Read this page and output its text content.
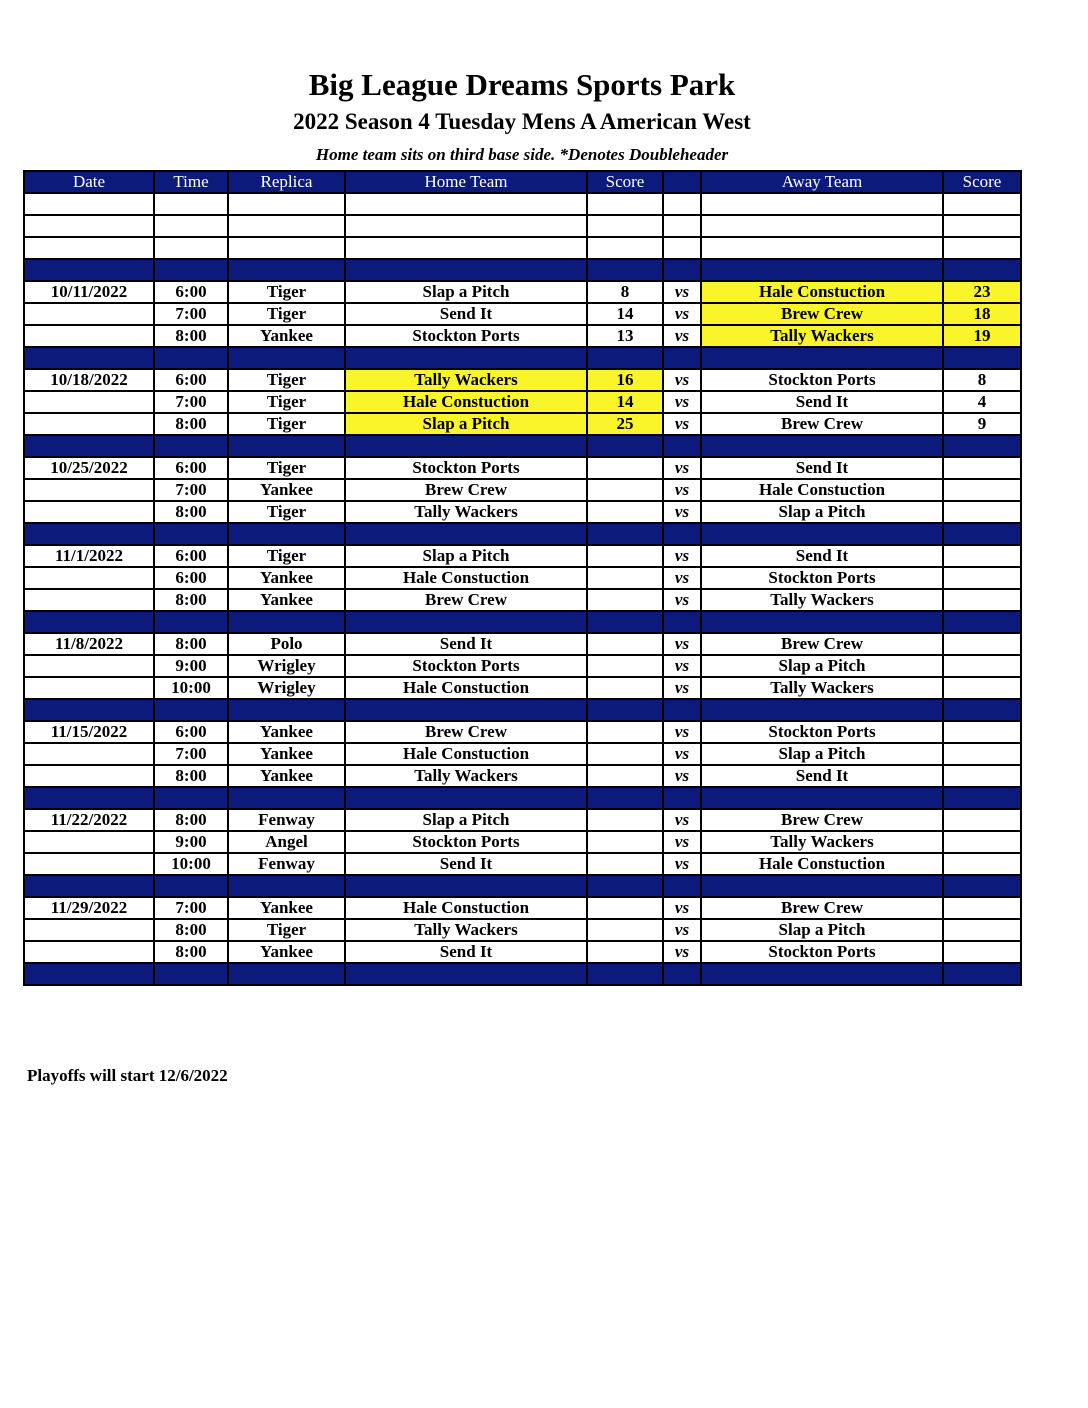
Big League Dreams Sports Park
2022 Season 4 Tuesday Mens A American West
Home team sits on third base side. *Denotes Doubleheader
Date	Time	Replica	Home Team	Score		Away Team	Score

10/11/2022	6:00	Tiger	Slap a Pitch	8	vs	Hale Constuction	23
	7:00	Tiger	Send It	14	vs	Brew Crew	18
	8:00	Yankee	Stockton Ports	13	vs	Tally Wackers	19

10/18/2022	6:00	Tiger	Tally Wackers	16	vs	Stockton Ports	8
	7:00	Tiger	Hale Constuction	14	vs	Send It	4
	8:00	Tiger	Slap a Pitch	25	vs	Brew Crew	9

10/25/2022	6:00	Tiger	Stockton Ports		vs	Send It	
	7:00	Yankee	Brew Crew		vs	Hale Constuction	
	8:00	Tiger	Tally Wackers		vs	Slap a Pitch	

11/1/2022	6:00	Tiger	Slap a Pitch		vs	Send It	
	6:00	Yankee	Hale Constuction		vs	Stockton Ports	
	8:00	Yankee	Brew Crew		vs	Tally Wackers	

11/8/2022	8:00	Polo	Send It		vs	Brew Crew	
	9:00	Wrigley	Stockton Ports		vs	Slap a Pitch	
	10:00	Wrigley	Hale Constuction		vs	Tally Wackers	

11/15/2022	6:00	Yankee	Brew Crew		vs	Stockton Ports	
	7:00	Yankee	Hale Constuction		vs	Slap a Pitch	
	8:00	Yankee	Tally Wackers		vs	Send It	

11/22/2022	8:00	Fenway	Slap a Pitch		vs	Brew Crew	
	9:00	Angel	Stockton Ports		vs	Tally Wackers	
	10:00	Fenway	Send It		vs	Hale Constuction	

11/29/2022	7:00	Yankee	Hale Constuction		vs	Brew Crew	
	8:00	Tiger	Tally Wackers		vs	Slap a Pitch	
	8:00	Yankee	Send It		vs	Stockton Ports	

Playoffs will start 12/6/2022
